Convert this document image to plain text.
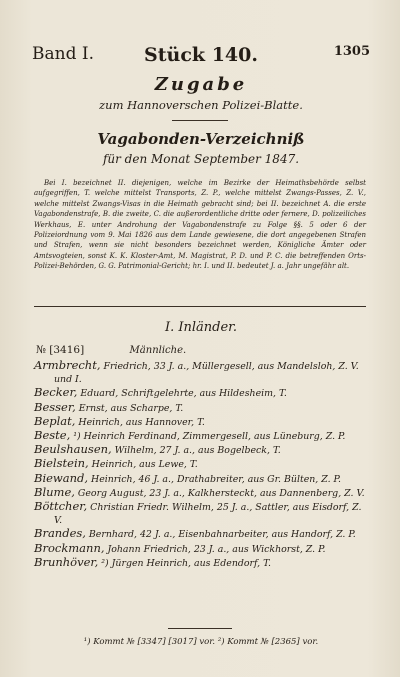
Band I.	Stück 140.	1305
Zugabe
zum Hannoverschen Polizei-Blatte.
Vagabonden-Verzeichniß
für den Monat September 1847.
Bei I. bezeichnet II. diejenigen, welche im Bezirke der Heimathsbehörde selbst aufgegriffen, T. welche mittelst Transports, Z. P., welche mittelst Zwangs-Passes, Z. V., welche mittelst Zwangs-Visas in die Heimath gebracht sind; bei II. bezeichnet A. die erste Vagabondenstrafe, B. die zweite, C. die außerordentliche dritte oder fernere, D. polizeiliches Werkhaus, E. unter Androhung der Vagabondenstrafe zu Folge §§. 5 oder 6 der Polizeiordnung vom 9. Mai 1826 aus dem Lande gewiesene, die dort angegebenen Strafen und Strafen, wenn sie nicht besonders bezeichnet werden, Königliche Ämter oder Amtsvogteien, sonst K. K. Kloster-Amt, M. Magistrat, P. D. und P. C. die betreffenden Orts-Polizei-Behörden, G. G. Patrimonial-Gericht; hr. I. und II. bedeutet J. a. Jahr ungefähr alt.
I. Inländer.
№ [3416]	Männliche.

Armbrecht, Friedrich, 33 J. a., Müllergesell, aus Mandelsloh, Z. V. und I.

Becker, Eduard, Schriftgelehrte, aus Hildesheim, T.

Besser, Ernst, aus Scharpe, T.

Beplat, Heinrich, aus Hannover, T.

Beste, ¹) Heinrich Ferdinand, Zimmergesell, aus Lüneburg, Z. P.

Beulshausen, Wilhelm, 27 J. a., aus Bogelbeck, T.

Bielstein, Heinrich, aus Lewe, T.

Biewand, Heinrich, 46 J. a., Drathabreiter, aus Gr. Bülten, Z. P.

Blume, Georg August, 23 J. a., Kalkhersteckt, aus Dannenberg, Z. V.

Böttcher, Christian Friedr. Wilhelm, 25 J. a., Sattler, aus Eisdorf, Z. V.

Brandes, Bernhard, 42 J. a., Eisenbahnarbeiter, aus Handorf, Z. P.

Brockmann, Johann Friedrich, 23 J. a., aus Wickhorst, Z. P.

Brunhöver, ²) Jürgen Heinrich, aus Edendorf, T.

¹) Kommt № [3347] [3017] vor. ²) Kommt № [2365] vor.
